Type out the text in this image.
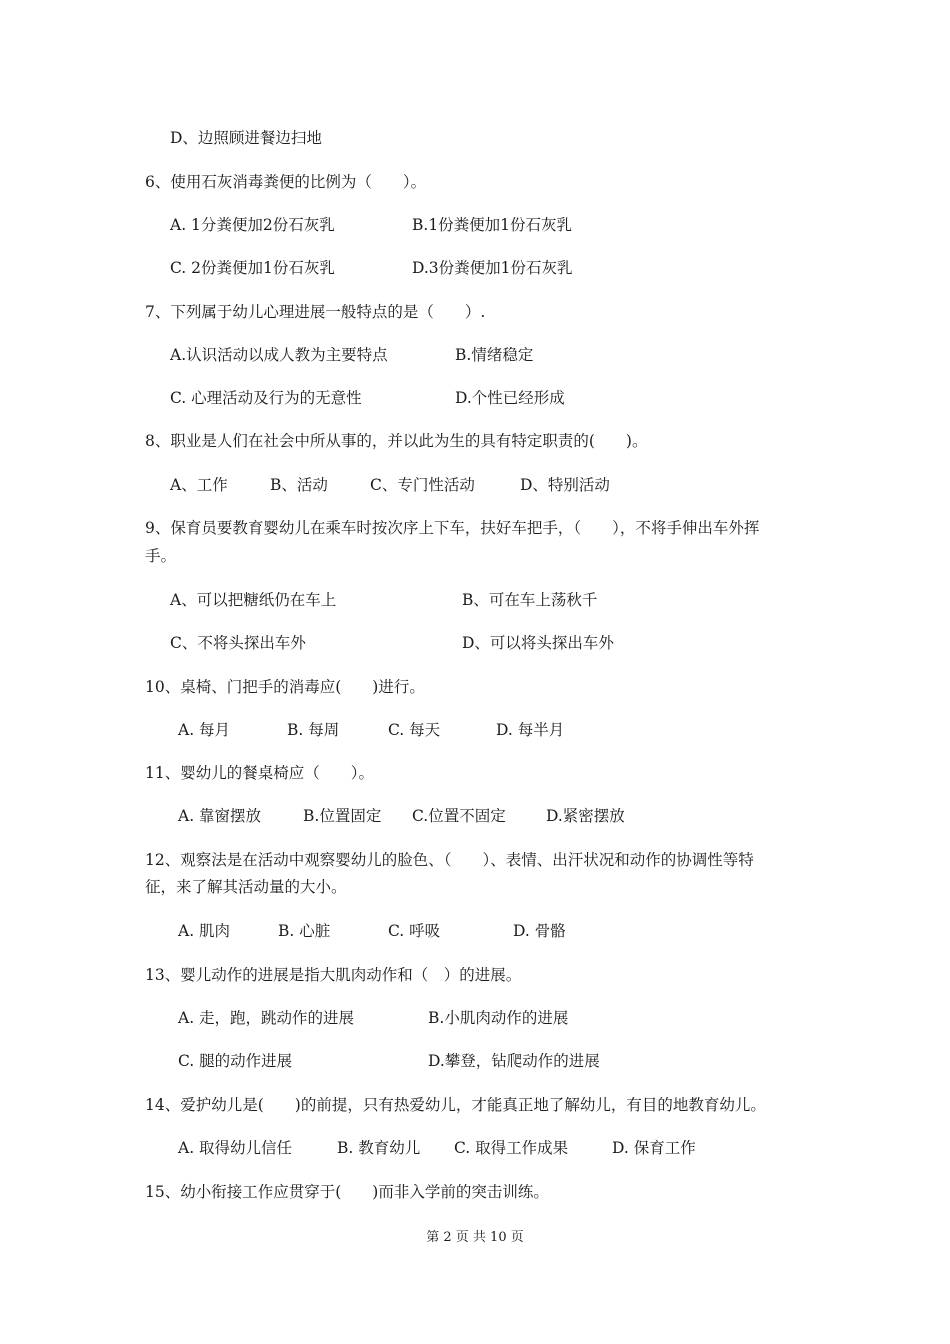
D、边照顾进餐边扫地
6、使用石灰消毒粪便的比例为（　　）。
A. 1分粪便加2份石灰乳	B.1份粪便加1份石灰乳
C. 2份粪便加1份石灰乳	D.3份粪便加1份石灰乳
7、下列属于幼儿心理进展一般特点的是（　　）.
A.认识活动以成人教为主要特点	B.情绪稳定
C. 心理活动及行为的无意性	D.个性已经形成
8、职业是人们在社会中所从事的，并以此为生的具有特定职责的(　　)。
A、工作	B、活动	C、专门性活动	D、特别活动
9、保育员要教育婴幼儿在乘车时按次序上下车，扶好车把手，（　　），不将手伸出车外挥
手。
A、可以把糖纸仍在车上	B、可在车上荡秋千
C、不将头探出车外	D、可以将头探出车外
10、桌椅、门把手的消毒应(　　)进行。
A. 每月	B. 每周	C. 每天	D. 每半月
11、婴幼儿的餐桌椅应（　　）。
A. 靠窗摆放	B.位置固定 C.位置不固定	D.紧密摆放
12、观察法是在活动中观察婴幼儿的脸色、（　　）、表情、出汗状况和动作的协调性等特
征，来了解其活动量的大小。
A. 肌肉	B. 心脏	C. 呼吸	D. 骨骼
13、婴儿动作的进展是指大肌肉动作和（　）的进展。
A. 走，跑，跳动作的进展	B.小肌肉动作的进展
C. 腿的动作进展	D.攀登，钻爬动作的进展
14、爱护幼儿是(　　)的前提，只有热爱幼儿，才能真正地了解幼儿，有目的地教育幼儿。
A. 取得幼儿信任	B. 教育幼儿 C. 取得工作成果	D. 保育工作
15、幼小衔接工作应贯穿于(　　)而非入学前的突击训练。
第 2 页 共 10 页
